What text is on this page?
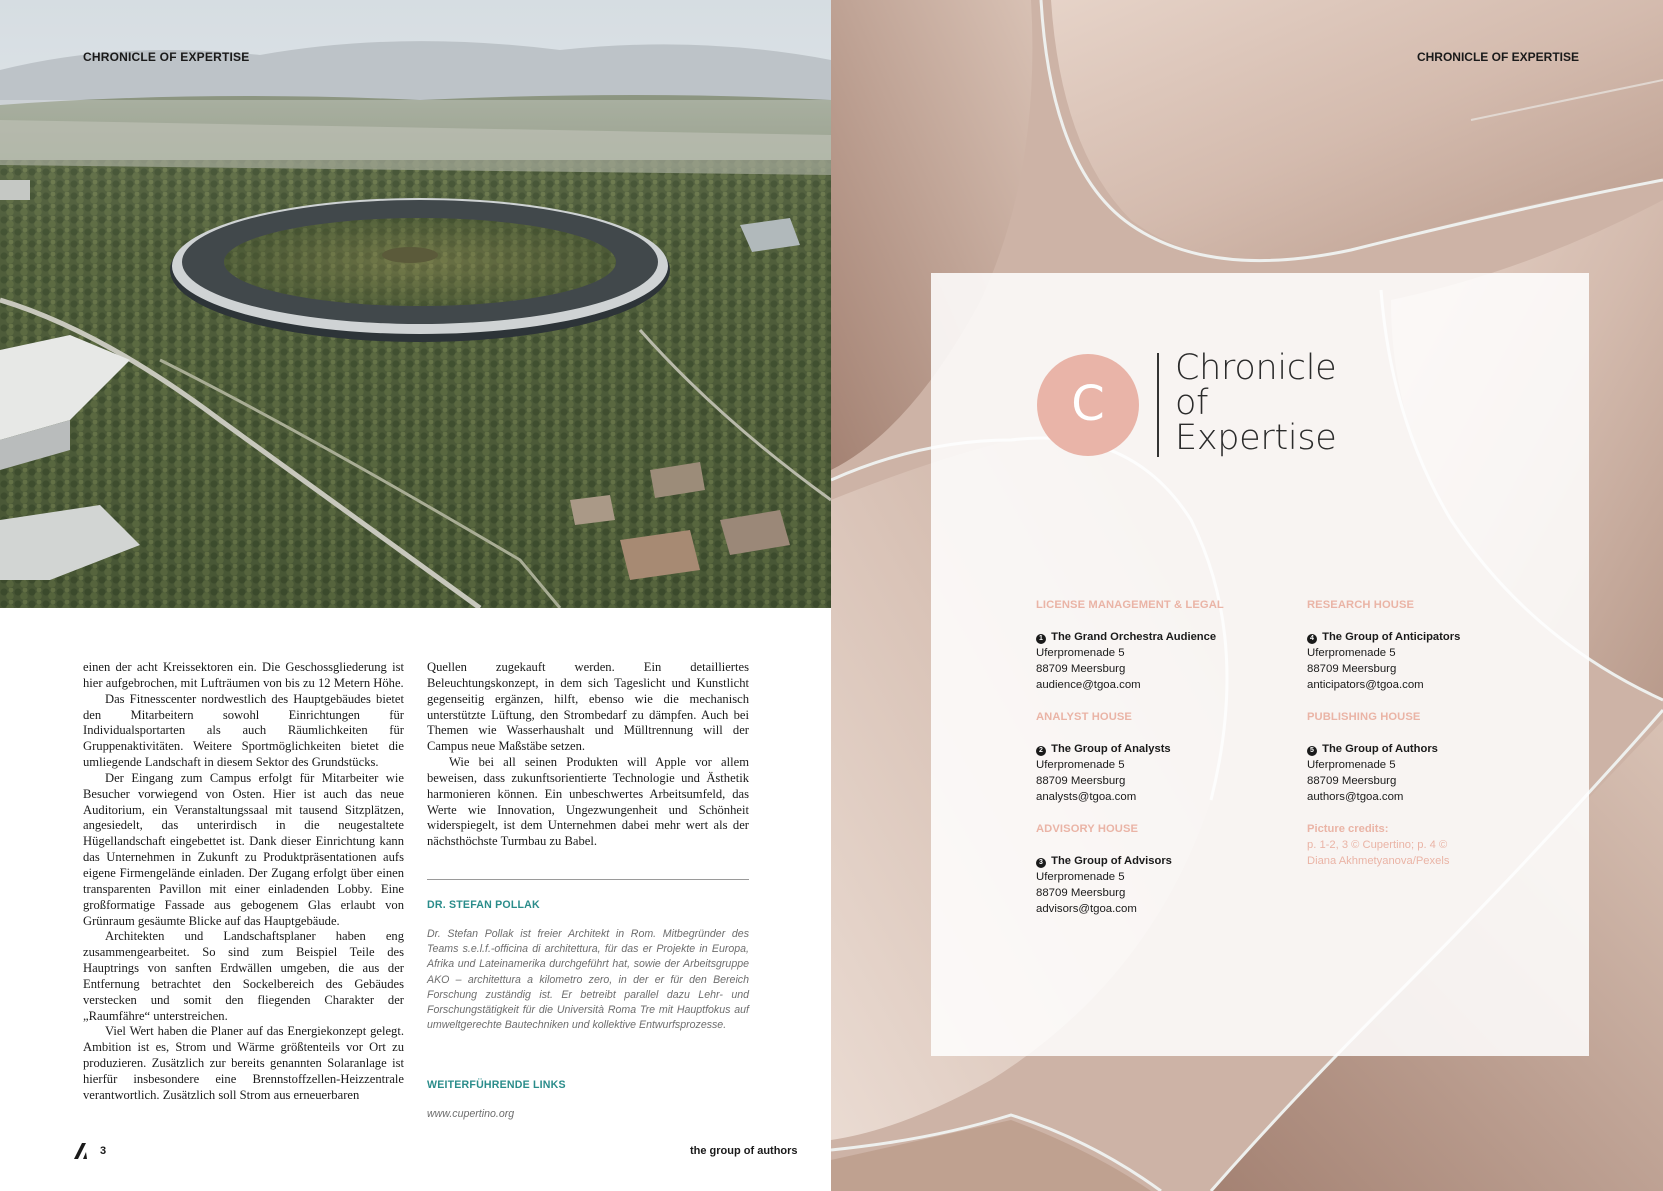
CHRONICLE OF EXPERTISE

einen der acht Kreissektoren ein. Die Geschossgliederung ist hier aufgebrochen, mit Lufträumen von bis zu 12 Metern Höhe.

Das Fitnesscenter nordwestlich des Hauptgebäudes bietet den Mitarbeitern sowohl Einrichtungen für Individualsportarten als auch Räumlichkeiten für Gruppenaktivitäten. Weitere Sportmöglichkeiten bietet die umliegende Landschaft in diesem Sektor des Grundstücks.

Der Eingang zum Campus erfolgt für Mitarbeiter wie Besucher vorwiegend von Osten. Hier ist auch das neue Auditorium, ein Veranstaltungssaal mit tausend Sitzplätzen, angesiedelt, das unterirdisch in die neugestaltete Hügellandschaft eingebettet ist. Dank dieser Einrichtung kann das Unternehmen in Zukunft zu Produktpräsentationen aufs eigene Firmengelände einladen. Der Zugang erfolgt über einen transparenten Pavillon mit einer einladenden Lobby. Eine großformatige Fassade aus gebogenem Glas erlaubt von Grünraum gesäumte Blicke auf das Hauptgebäude.

Architekten und Landschaftsplaner haben eng zusammengearbeitet. So sind zum Beispiel Teile des Hauptrings von sanften Erdwällen umgeben, die aus der Entfernung betrachtet den Sockelbereich des Gebäudes verstecken und somit den fliegenden Charakter der „Raumfähre“ unterstreichen.

Viel Wert haben die Planer auf das Energiekonzept gelegt. Ambition ist es, Strom und Wärme größtenteils vor Ort zu produzieren. Zusätzlich zur bereits genannten Solaranlage ist hierfür insbesondere eine Brennstoffzellen-Heizzentrale verantwortlich. Zusätzlich soll Strom aus erneuerbaren

Quellen zugekauft werden. Ein detailliertes Beleuchtungskonzept, in dem sich Tageslicht und Kunstlicht gegenseitig ergänzen, hilft, ebenso wie die mechanisch unterstützte Lüftung, den Strombedarf zu dämpfen. Auch bei Themen wie Wasserhaushalt und Mülltrennung will der Campus neue Maßstäbe setzen.

Wie bei all seinen Produkten will Apple vor allem beweisen, dass zukunftsorientierte Technologie und Ästhetik harmonieren können. Ein unbeschwertes Arbeitsumfeld, das Werte wie Innovation, Ungezwungenheit und Schönheit widerspiegelt, ist dem Unternehmen dabei mehr wert als der nächsthöchste Turmbau zu Babel.

DR. STEFAN POLLAK
Dr. Stefan Pollak ist freier Architekt in Rom. Mitbegründer des Teams s.e.l.f.-officina di architettura, für das er Projekte in Europa, Afrika und Lateinamerika durchgeführt hat, sowie der Arbeitsgruppe AKO – architettura a kilometro zero, in der er für den Bereich Forschung zuständig ist. Er betreibt parallel dazu Lehr- und Forschungstätigkeit für die Università Roma Tre mit Hauptfokus auf umweltgerechte Bautechniken und kollektive Entwurfsprozesse.
WEITERFÜHRENDE LINKS
www.cupertino.org
3	the group of authors
CHRONICLE OF EXPERTISE
C
Chronicle
of
Expertise
LICENSE MANAGEMENT & LEGAL
1 The Grand Orchestra Audience
Uferpromenade 5
88709 Meersburg
audience@tgoa.com
ANALYST HOUSE
2 The Group of Analysts
Uferpromenade 5
88709 Meersburg
analysts@tgoa.com
ADVISORY HOUSE
3 The Group of Advisors
Uferpromenade 5
88709 Meersburg
advisors@tgoa.com
RESEARCH HOUSE
4 The Group of Anticipators
Uferpromenade 5
88709 Meersburg
anticipators@tgoa.com
PUBLISHING HOUSE
5 The Group of Authors
Uferpromenade 5
88709 Meersburg
authors@tgoa.com
Picture credits:
p. 1-2, 3 © Cupertino; p. 4 ©
Diana Akhmetyanova/Pexels
